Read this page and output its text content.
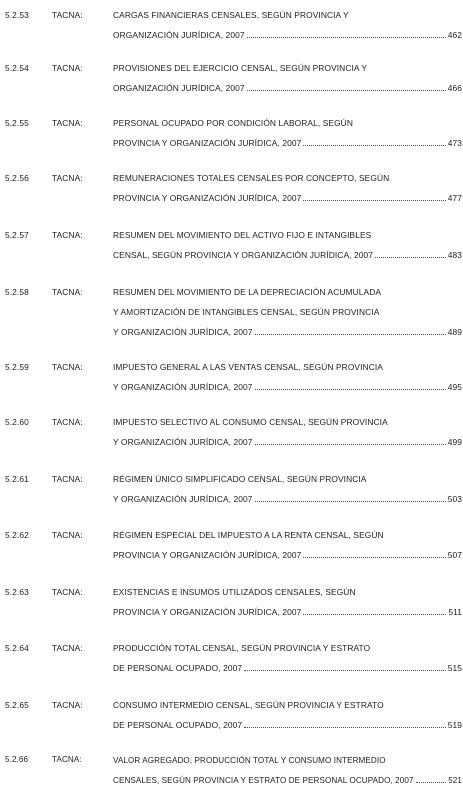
5.2.53	TACNA:	CARGAS FINANCIERAS CENSALES, SEGÚN PROVINCIA Y
ORGANIZACIÓN JURÍDICA, 2007	462
5.2.54	TACNA:	PROVISIONES DEL EJERCICIO CENSAL, SEGÚN PROVINCIA Y
ORGANIZACIÓN JURÍDICA, 2007	466
5.2.55	TACNA:	PERSONAL OCUPADO POR CONDICIÓN LABORAL, SEGÚN
PROVINCIA Y ORGANIZACIÓN JURÍDICA, 2007	473
5.2.56	TACNA:	REMUNERACIONES TOTALES CENSALES POR CONCEPTO, SEGÚN
PROVINCIA Y ORGANIZACIÓN JURÍDICA, 2007	477
5.2.57	TACNA:	RESUMEN DEL MOVIMIENTO DEL ACTIVO FIJO E INTANGIBLES
CENSAL, SEGÚN PROVINCIA Y ORGANIZACIÓN JURÍDICA, 2007	483
5.2.58	TACNA:	RESUMEN DEL MOVIMIENTO DE LA DEPRECIACIÓN ACUMULADA
Y AMORTIZACIÓN DE INTANGIBLES CENSAL, SEGÚN PROVINCIA
Y ORGANIZACIÓN JURÍDICA, 2007	489
5.2.59	TACNA:	IMPUESTO GENERAL A LAS VENTAS CENSAL, SEGÚN PROVINCIA
Y ORGANIZACIÓN JURÍDICA, 2007	495
5.2.60	TACNA:	IMPUESTO SELECTIVO AL CONSUMO CENSAL, SEGÚN PROVINCIA
Y ORGANIZACIÓN JURÍDICA, 2007	499
5.2.61	TACNA:	RÉGIMEN ÚNICO SIMPLIFICADO CENSAL, SEGÚN PROVINCIA
Y ORGANIZACIÓN JURÍDICA, 2007	503
5.2.62	TACNA:	RÉGIMEN ESPECIAL DEL IMPUESTO A LA RENTA CENSAL, SEGÚN
PROVINCIA Y ORGANIZACIÓN JURÍDICA, 2007	507
5.2.63	TACNA:	EXISTENCIAS E INSUMOS UTILIZADOS CENSALES, SEGÚN
PROVINCIA Y ORGANIZACIÓN JURÍDICA, 2007	511
5.2.64	TACNA:	PRODUCCIÓN TOTAL CENSAL, SEGÚN PROVINCIA Y ESTRATO
DE PERSONAL OCUPADO, 2007	515
5.2.65	TACNA:	CONSUMO INTERMEDIO CENSAL, SEGÚN PROVINCIA Y ESTRATO
DE PERSONAL OCUPADO, 2007	519
5.2.66	TACNA:	VALOR AGREGADO, PRODUCCIÓN TOTAL Y CONSUMO INTERMEDIO
CENSALES, SEGÚN PROVINCIA Y ESTRATO DE PERSONAL OCUPADO, 2007	521
